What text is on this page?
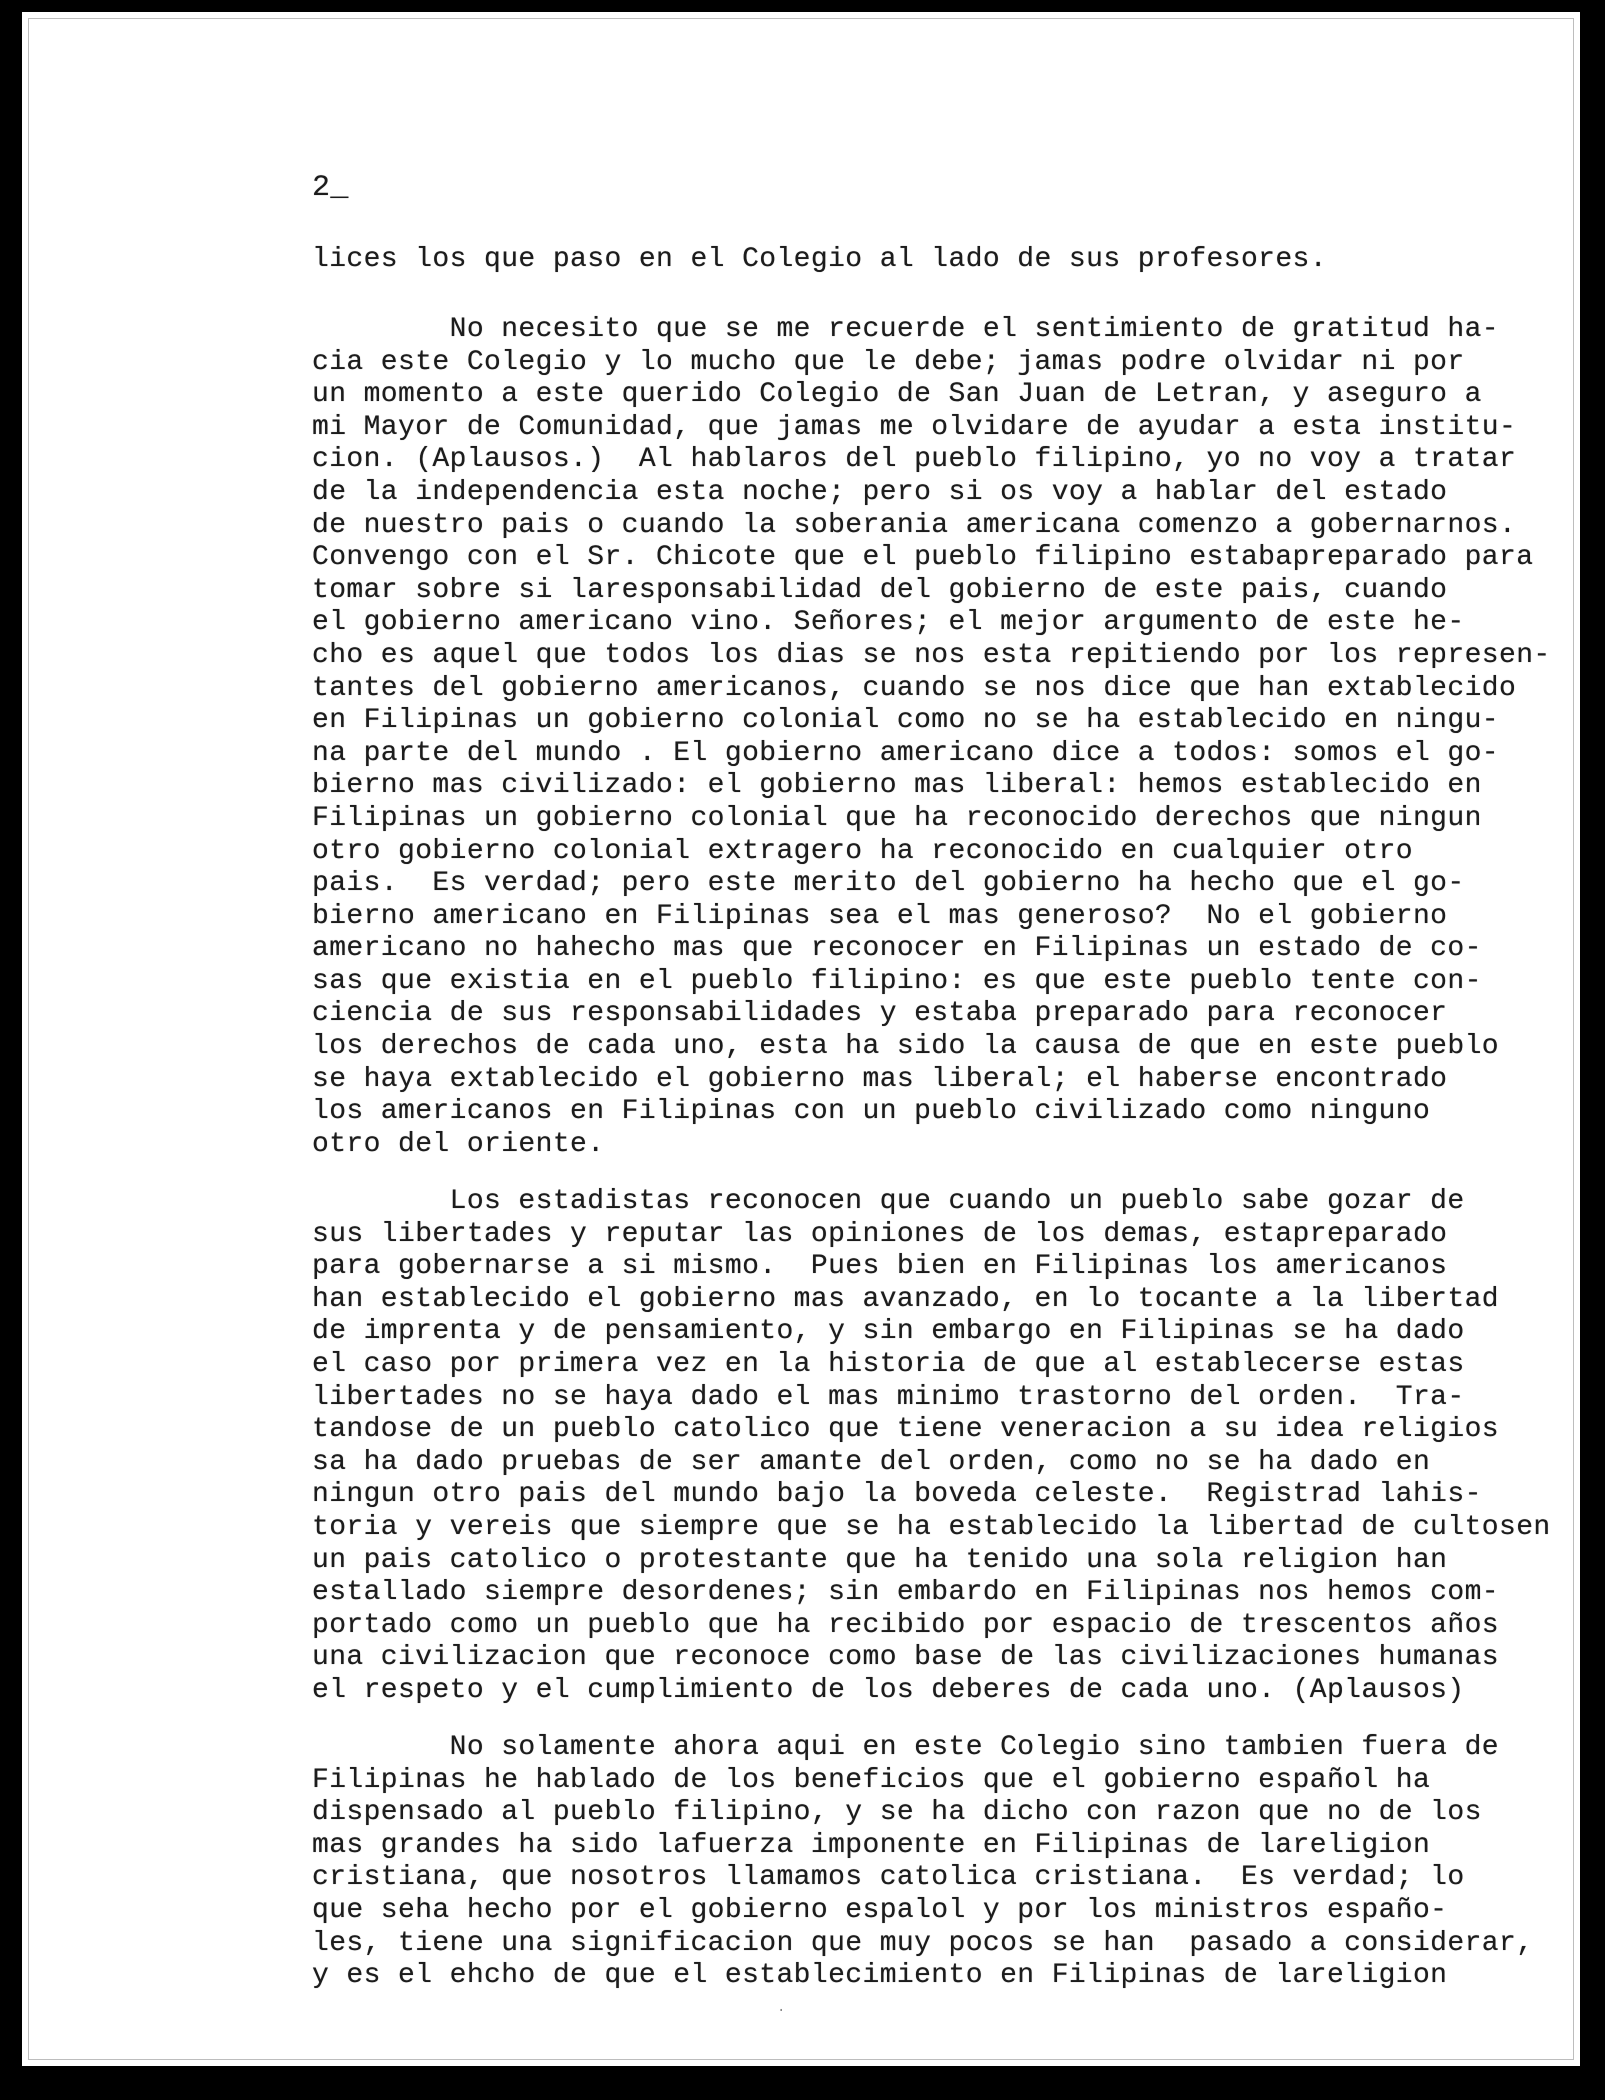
2_

lices los que paso en el Colegio al lado de sus profesores.

No necesito que se me recuerde el sentimiento de gratitud ha-
cia este Colegio y lo mucho que le debe; jamas podre olvidar ni por
un momento a este querido Colegio de San Juan de Letran, y aseguro a
mi Mayor de Comunidad, que jamas me olvidare de ayudar a esta institu-
cion. (Aplausos.)  Al hablaros del pueblo filipino, yo no voy a tratar
de la independencia esta noche; pero si os voy a hablar del estado
de nuestro pais o cuando la soberania americana comenzo a gobernarnos.
Convengo con el Sr. Chicote que el pueblo filipino estabapreparado para
tomar sobre si laresponsabilidad del gobierno de este pais, cuando
el gobierno americano vino. Señores; el mejor argumento de este he-
cho es aquel que todos los dias se nos esta repitiendo por los represen-
tantes del gobierno americanos, cuando se nos dice que han extablecido
en Filipinas un gobierno colonial como no se ha establecido en ningu-
na parte del mundo . El gobierno americano dice a todos: somos el go-
bierno mas civilizado: el gobierno mas liberal: hemos establecido en
Filipinas un gobierno colonial que ha reconocido derechos que ningun
otro gobierno colonial extragero ha reconocido en cualquier otro
pais.  Es verdad; pero este merito del gobierno ha hecho que el go-
bierno americano en Filipinas sea el mas generoso?  No el gobierno
americano no hahecho mas que reconocer en Filipinas un estado de co-
sas que existia en el pueblo filipino: es que este pueblo tente con-
ciencia de sus responsabilidades y estaba preparado para reconocer
los derechos de cada uno, esta ha sido la causa de que en este pueblo
se haya extablecido el gobierno mas liberal; el haberse encontrado
los americanos en Filipinas con un pueblo civilizado como ninguno
otro del oriente.

Los estadistas reconocen que cuando un pueblo sabe gozar de
sus libertades y reputar las opiniones de los demas, estapreparado
para gobernarse a si mismo.  Pues bien en Filipinas los americanos
han establecido el gobierno mas avanzado, en lo tocante a la libertad
de imprenta y de pensamiento, y sin embargo en Filipinas se ha dado
el caso por primera vez en la historia de que al establecerse estas
libertades no se haya dado el mas minimo trastorno del orden.  Tra-
tandose de un pueblo catolico que tiene veneracion a su idea religios
sa ha dado pruebas de ser amante del orden, como no se ha dado en
ningun otro pais del mundo bajo la boveda celeste.  Registrad lahis-
toria y vereis que siempre que se ha establecido la libertad de cultosen
un pais catolico o protestante que ha tenido una sola religion han
estallado siempre desordenes; sin embardo en Filipinas nos hemos com-
portado como un pueblo que ha recibido por espacio de trescentos años
una civilizacion que reconoce como base de las civilizaciones humanas
el respeto y el cumplimiento de los deberes de cada uno. (Aplausos)

No solamente ahora aqui en este Colegio sino tambien fuera de
Filipinas he hablado de los beneficios que el gobierno español ha
dispensado al pueblo filipino, y se ha dicho con razon que no de los
mas grandes ha sido lafuerza imponente en Filipinas de lareligion
cristiana, que nosotros llamamos catolica cristiana.  Es verdad; lo
que seha hecho por el gobierno espalol y por los ministros españo-
les, tiene una significacion que muy pocos se han  pasado a considerar,
y es el ehcho de que el establecimiento en Filipinas de lareligion

.
